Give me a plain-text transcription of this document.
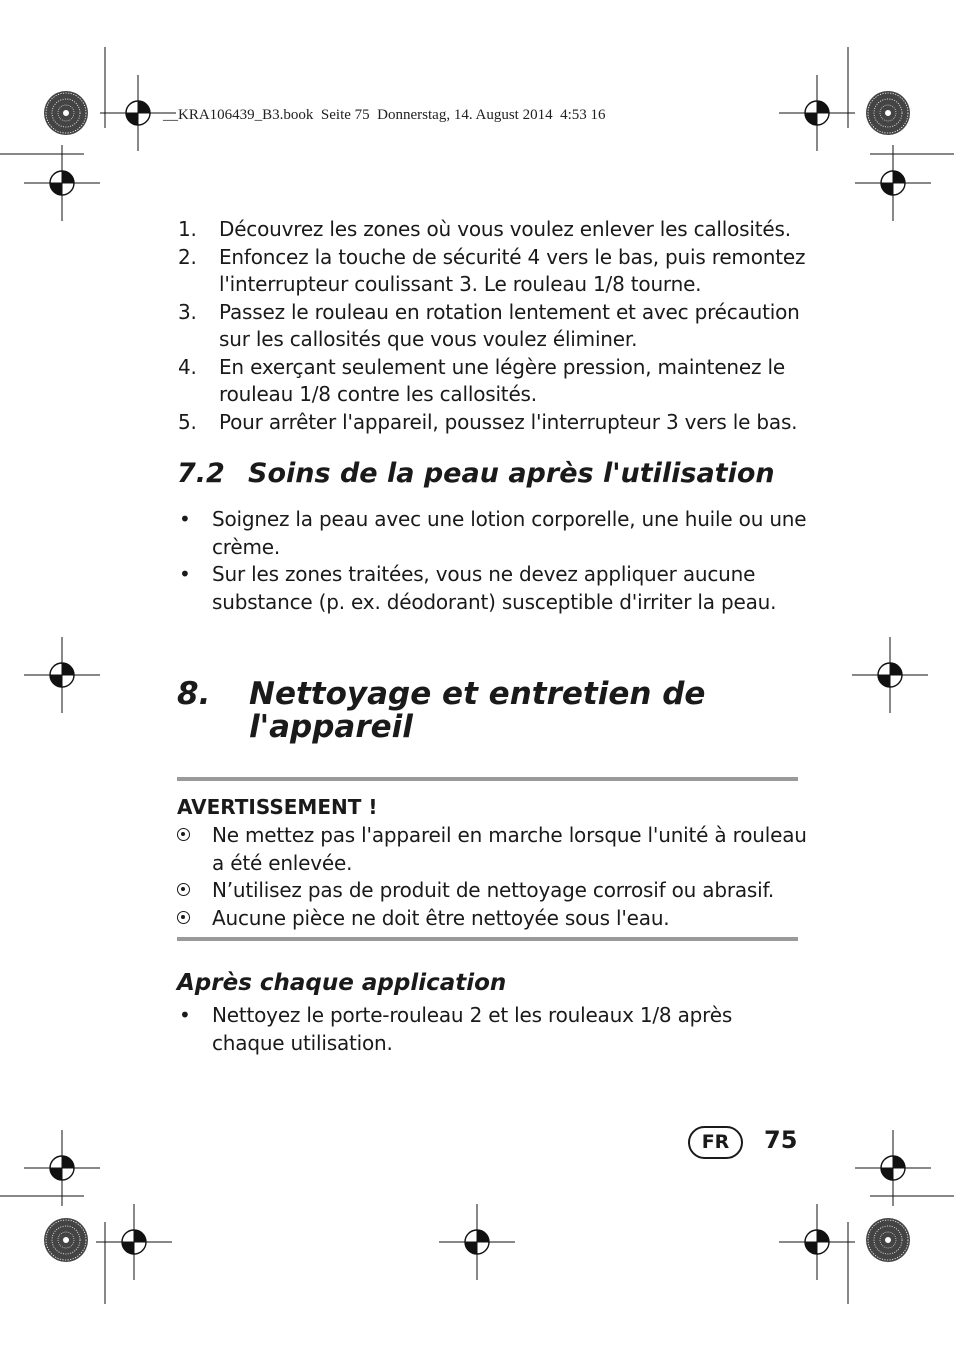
__KRA106439_B3.book  Seite 75  Donnerstag, 14. August 2014  4:53 16
1. Découvrez les zones où vous voulez enlever les callosités.
2. Enfoncez la touche de sécurité 4 vers le bas, puis remontez l'interrupteur coulissant 3. Le rouleau 1/8 tourne.
3. Passez le rouleau en rotation lentement et avec précaution sur les callosités que vous voulez éliminer.
4. En exerçant seulement une légère pression, maintenez le rouleau 1/8 contre les callosités.
5. Pour arrêter l'appareil, poussez l'interrupteur 3 vers le bas.
7.2 Soins de la peau après l'utilisation
• Soignez la peau avec une lotion corporelle, une huile ou une crème.
• Sur les zones traitées, vous ne devez appliquer aucune substance (p. ex. déodorant) susceptible d'irriter la peau.
8. Nettoyage et entretien de l'appareil
AVERTISSEMENT !
Ne mettez pas l'appareil en marche lorsque l'unité à rouleau a été enlevée.
N’utilisez pas de produit de nettoyage corrosif ou abrasif.
Aucune pièce ne doit être nettoyée sous l'eau.
Après chaque application
• Nettoyez le porte-rouleau 2 et les rouleaux 1/8 après chaque utilisation.
FR	75
